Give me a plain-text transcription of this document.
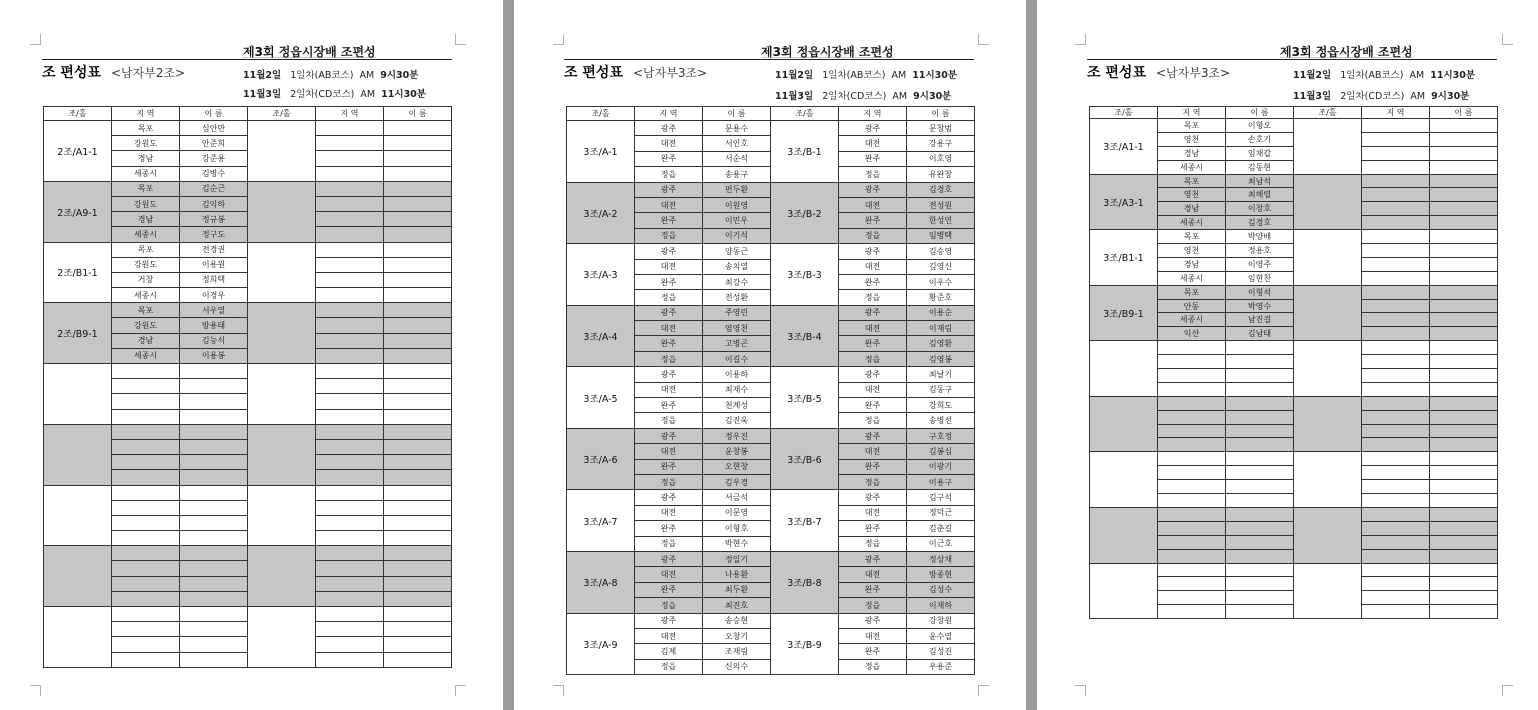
제3회 정읍시장배 조편성
조 편성표 <남자부2조>	11월2일 1일차(AB코스) AM 9시30분
11월3일 2일차(CD코스) AM 11시30분
조/홀	지 역	이 름	조/홀	지 역	이 름
2조/A1-1	목포	심안만			
	강원도	안준희			
	경남	강준용			
	세종시	김병수			
2조/A9-1	목포	김순근			
	강원도	김익하			
	경남	정규봉			
	세종시	정구도			
2조/B1-1	목포	전경권			
	강원도	이용원			
	거창	정희택			
	세종시	이경우			
2조/B9-1	목포	서우열			
	강원도	방용태			
	경남	김능식			
	세종시	이용봉			

제3회 정읍시장배 조편성
조 편성표 <남자부3조>	11월2일 1일차(AB코스) AM 11시30분
11월3일 2일차(CD코스) AM 9시30분
조/홀	지 역	이 름	조/홀	지 역	이 름
3조/A-1	광주	문용수	3조/B-1	광주	문창범
	대전	서인호		대전	강용구
	완주	서순석		완주	이호영
	정읍	송용구		정읍	유완창
3조/A-2	광주	편두환	3조/B-2	광주	김경호
	대전	이원영		대전	전성원
	완주	이민우		완주	한성연
	정읍	이기석		정읍	임병택
3조/A-3	광주	양동근	3조/B-3	광주	김승영
	대전	송치열		대전	김영신
	완주	최강수		완주	이우수
	정읍	전성환		정읍	황준호
3조/A-4	광주	주영린	3조/B-4	광주	이용순
	대전	염영천		대전	이재림
	완주	고병곤		완주	김영환
	정읍	이길수		정읍	김영봉
3조/A-5	광주	이용하	3조/B-5	광주	최날기
	대전	최재수		대전	김동구
	완주	천계성		완주	강희도
	정읍	김진욱		정읍	송병선
3조/A-6	광주	정우진	3조/B-6	광주	구호정
	대전	윤창봉		대전	김봉심
	완주	오현창		완주	이광기
	정읍	김우경		정읍	이용구
3조/A-7	광주	서금석	3조/B-7	광주	김구석
	대전	이문영		대전	정덕근
	완주	이형호		완주	김춘길
	정읍	박현수		정읍	이근호
3조/A-8	광주	정일기	3조/B-8	광주	정상채
	대전	나용환		대전	방종현
	완주	최두환		완주	김성수
	정읍	최진호		정읍	이재하
3조/A-9	광주	송승현	3조/B-9	광주	강창원
	대전	오창기		대전	윤수열
	김제	조재림		완주	김성진
	정읍	신의수		정읍	우용준
제3회 정읍시장배 조편성
조 편성표 <남자부3조>	11월2일 1일차(AB코스) AM 11시30분
11월3일 2일차(CD코스) AM 9시30분
조/홀	지 역	이 름	조/홀	지 역	이 름
3조/A1-1	목포	이형오			
	영천	손호기			
	경남	임채갑			
	세종시	김동현			
3조/A3-1	목포	최남석			
	영천	최해렬			
	경남	이창호			
	세종시	김경호			
3조/B1-1	목포	박양배			
	영천	정용호			
	경남	이영주			
	세종시	임현찬			
3조/B9-1	목포	이형석			
	안동	박영수			
	세종시	남진걸			
	익산	김남태			
